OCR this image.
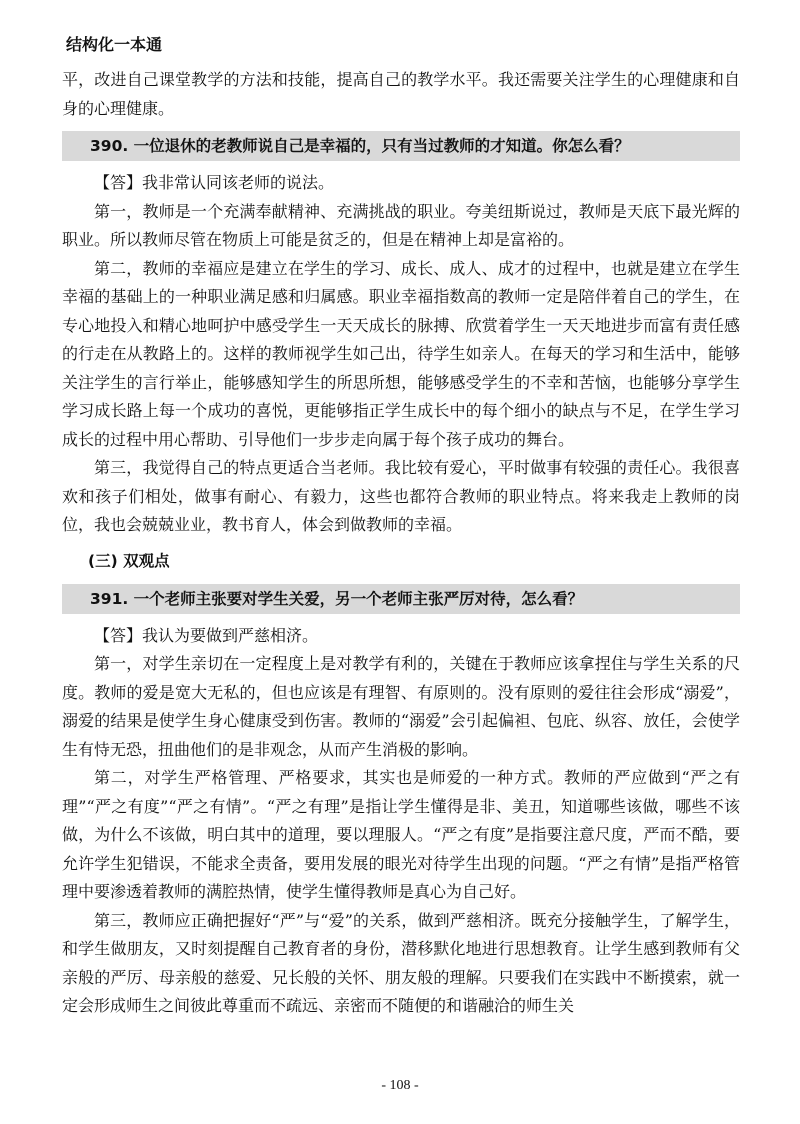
结构化一本通

平，改进自己课堂教学的方法和技能，提高自己的教学水平。我还需要关注学生的心理健康和自身的心理健康。

390. 一位退休的老教师说自己是幸福的，只有当过教师的才知道。你怎么看？

【答】我非常认同该老师的说法。

第一，教师是一个充满奉献精神、充满挑战的职业。夸美纽斯说过，教师是天底下最光辉的职业。所以教师尽管在物质上可能是贫乏的，但是在精神上却是富裕的。

第二，教师的幸福应是建立在学生的学习、成长、成人、成才的过程中，也就是建立在学生幸福的基础上的一种职业满足感和归属感。职业幸福指数高的教师一定是陪伴着自己的学生，在专心地投入和精心地呵护中感受学生一天天成长的脉搏、欣赏着学生一天天地进步而富有责任感的行走在从教路上的。这样的教师视学生如己出，待学生如亲人。在每天的学习和生活中，能够关注学生的言行举止，能够感知学生的所思所想，能够感受学生的不幸和苦恼，也能够分享学生学习成长路上每一个成功的喜悦，更能够指正学生成长中的每个细小的缺点与不足，在学生学习成长的过程中用心帮助、引导他们一步步走向属于每个孩子成功的舞台。

第三，我觉得自己的特点更适合当老师。我比较有爱心，平时做事有较强的责任心。我很喜欢和孩子们相处，做事有耐心、有毅力，这些也都符合教师的职业特点。将来我走上教师的岗位，我也会兢兢业业，教书育人，体会到做教师的幸福。

(三) 双观点
391. 一个老师主张要对学生关爱，另一个老师主张严厉对待，怎么看？

【答】我认为要做到严慈相济。

第一，对学生亲切在一定程度上是对教学有利的，关键在于教师应该拿捏住与学生关系的尺度。教师的爱是宽大无私的，但也应该是有理智、有原则的。没有原则的爱往往会形成“溺爱”，溺爱的结果是使学生身心健康受到伤害。教师的“溺爱”会引起偏袒、包庇、纵容、放任，会使学生有恃无恐，扭曲他们的是非观念，从而产生消极的影响。

第二，对学生严格管理、严格要求，其实也是师爱的一种方式。教师的严应做到“严之有理”“严之有度”“严之有情”。“严之有理”是指让学生懂得是非、美丑，知道哪些该做，哪些不该做，为什么不该做，明白其中的道理，要以理服人。“严之有度”是指要注意尺度，严而不酷，要允许学生犯错误，不能求全责备，要用发展的眼光对待学生出现的问题。“严之有情”是指严格管理中要渗透着教师的满腔热情，使学生懂得教师是真心为自己好。

第三，教师应正确把握好“严”与“爱”的关系，做到严慈相济。既充分接触学生，了解学生，和学生做朋友，又时刻提醒自己教育者的身份，潜移默化地进行思想教育。让学生感到教师有父亲般的严厉、母亲般的慈爱、兄长般的关怀、朋友般的理解。只要我们在实践中不断摸索，就一定会形成师生之间彼此尊重而不疏远、亲密而不随便的和谐融洽的师生关

- 108 -
